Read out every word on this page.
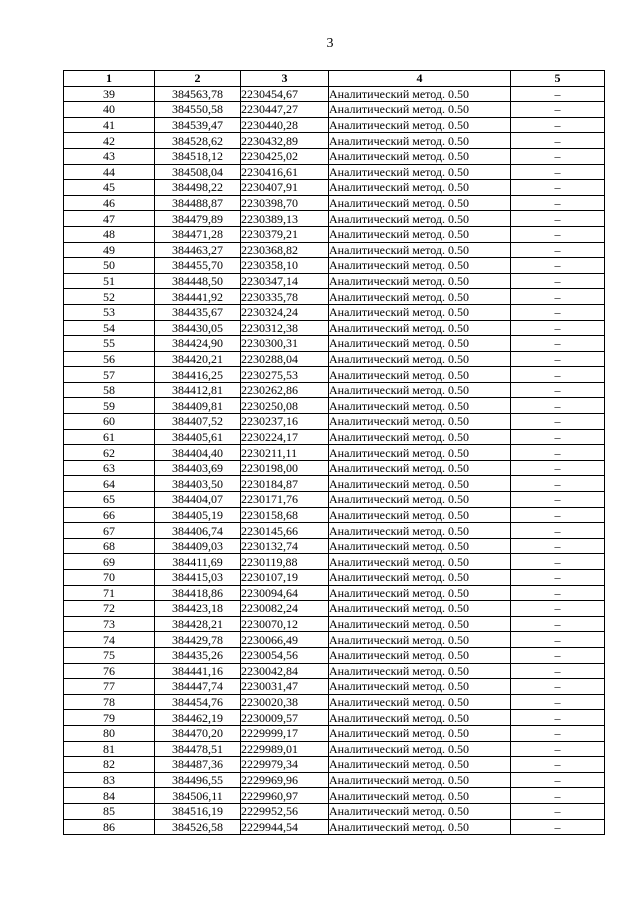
3
1	2	3	4	5
39	384563,78	2230454,67	Аналитический метод. 0.50	–
40	384550,58	2230447,27	Аналитический метод. 0.50	–
41	384539,47	2230440,28	Аналитический метод. 0.50	–
42	384528,62	2230432,89	Аналитический метод. 0.50	–
43	384518,12	2230425,02	Аналитический метод. 0.50	–
44	384508,04	2230416,61	Аналитический метод. 0.50	–
45	384498,22	2230407,91	Аналитический метод. 0.50	–
46	384488,87	2230398,70	Аналитический метод. 0.50	–
47	384479,89	2230389,13	Аналитический метод. 0.50	–
48	384471,28	2230379,21	Аналитический метод. 0.50	–
49	384463,27	2230368,82	Аналитический метод. 0.50	–
50	384455,70	2230358,10	Аналитический метод. 0.50	–
51	384448,50	2230347,14	Аналитический метод. 0.50	–
52	384441,92	2230335,78	Аналитический метод. 0.50	–
53	384435,67	2230324,24	Аналитический метод. 0.50	–
54	384430,05	2230312,38	Аналитический метод. 0.50	–
55	384424,90	2230300,31	Аналитический метод. 0.50	–
56	384420,21	2230288,04	Аналитический метод. 0.50	–
57	384416,25	2230275,53	Аналитический метод. 0.50	–
58	384412,81	2230262,86	Аналитический метод. 0.50	–
59	384409,81	2230250,08	Аналитический метод. 0.50	–
60	384407,52	2230237,16	Аналитический метод. 0.50	–
61	384405,61	2230224,17	Аналитический метод. 0.50	–
62	384404,40	2230211,11	Аналитический метод. 0.50	–
63	384403,69	2230198,00	Аналитический метод. 0.50	–
64	384403,50	2230184,87	Аналитический метод. 0.50	–
65	384404,07	2230171,76	Аналитический метод. 0.50	–
66	384405,19	2230158,68	Аналитический метод. 0.50	–
67	384406,74	2230145,66	Аналитический метод. 0.50	–
68	384409,03	2230132,74	Аналитический метод. 0.50	–
69	384411,69	2230119,88	Аналитический метод. 0.50	–
70	384415,03	2230107,19	Аналитический метод. 0.50	–
71	384418,86	2230094,64	Аналитический метод. 0.50	–
72	384423,18	2230082,24	Аналитический метод. 0.50	–
73	384428,21	2230070,12	Аналитический метод. 0.50	–
74	384429,78	2230066,49	Аналитический метод. 0.50	–
75	384435,26	2230054,56	Аналитический метод. 0.50	–
76	384441,16	2230042,84	Аналитический метод. 0.50	–
77	384447,74	2230031,47	Аналитический метод. 0.50	–
78	384454,76	2230020,38	Аналитический метод. 0.50	–
79	384462,19	2230009,57	Аналитический метод. 0.50	–
80	384470,20	2229999,17	Аналитический метод. 0.50	–
81	384478,51	2229989,01	Аналитический метод. 0.50	–
82	384487,36	2229979,34	Аналитический метод. 0.50	–
83	384496,55	2229969,96	Аналитический метод. 0.50	–
84	384506,11	2229960,97	Аналитический метод. 0.50	–
85	384516,19	2229952,56	Аналитический метод. 0.50	–
86	384526,58	2229944,54	Аналитический метод. 0.50	–
